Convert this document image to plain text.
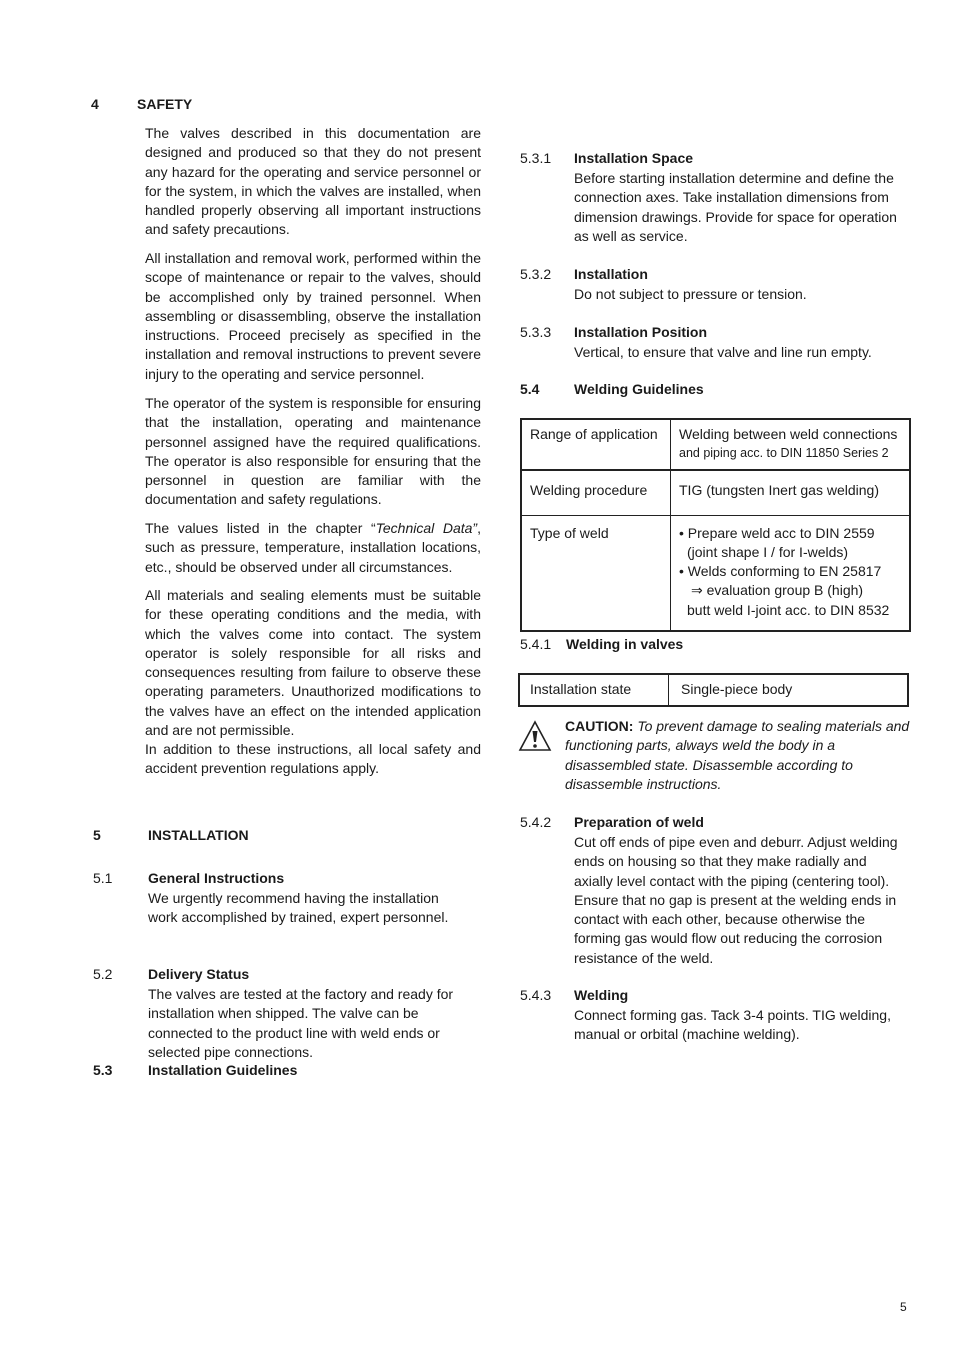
4	SAFETY
The valves described in this documentation are designed and produced so that they do not present any hazard for the operating and service personnel or for the system, in which the valves are installed, when handled properly observing all important instructions and safety precautions.
All installation and removal work, performed within the scope of maintenance or repair to the valves, should be accomplished only by trained personnel. When assembling or disassembling, observe the installation instructions. Proceed precisely as specified in the installation and removal instructions to prevent severe injury to the operating and service personnel.
The operator of the system is responsible for ensuring that the installation, operating and maintenance personnel assigned have the required qualifications. The operator is also responsible for ensuring that the personnel in question are familiar with the documentation and safety regulations.
The values listed in the chapter “Technical Data”, such as pressure, temperature, installation locations, etc., should be observed under all circumstances.
All materials and sealing elements must be suitable for these operating conditions and the media, with which the valves come into contact. The system operator is solely responsible for all risks and consequences resulting from failure to observe these operating parameters. Unauthorized modifications to the valves have an effect on the intended application and are not permissible.
In addition to these instructions, all local safety and accident prevention regulations apply.
5	INSTALLATION
5.1	General Instructions
We urgently recommend having the installation work accomplished by trained, expert personnel.
5.2	Delivery Status
The valves are tested at the factory and ready for installation when shipped. The valve can be connected to the product line with weld ends or selected pipe connections.
5.3	Installation Guidelines
5.3.1 Installation Space
Before starting installation determine and define the connection axes. Take installation dimensions from dimension drawings. Provide for space for operation as well as service.
5.3.2 Installation
Do not subject to pressure or tension.
5.3.3 Installation Position
Vertical, to ensure that valve and line run empty.
5.4 Welding Guidelines
Range of application	Welding between weld connections
and piping acc. to DIN 11850 Series 2

Welding procedure	TIG (tungsten Inert gas welding)
Type of weld	• Prepare weld acc to DIN 2559
(joint shape I / for I-welds)
• Welds conforming to EN 25817
⇒ evaluation group B (high)
butt weld I-joint acc. to DIN 8532
5.4.1 Welding in valves
Installation state	Single-piece body
CAUTION: To prevent damage to sealing materials and functioning parts, always weld the body in a disassembled state. Disassemble according to disassemble instructions.
5.4.2 Preparation of weld
Cut off ends of pipe even and deburr. Adjust welding ends on housing so that they make radially and axially level contact with the piping (centering tool). Ensure that no gap is present at the welding ends in contact with each other, because otherwise the forming gas would flow out reducing the corrosion resistance of the weld.
5.4.3 Welding
Connect forming gas. Tack 3-4 points. TIG welding, manual or orbital (machine welding).
5
